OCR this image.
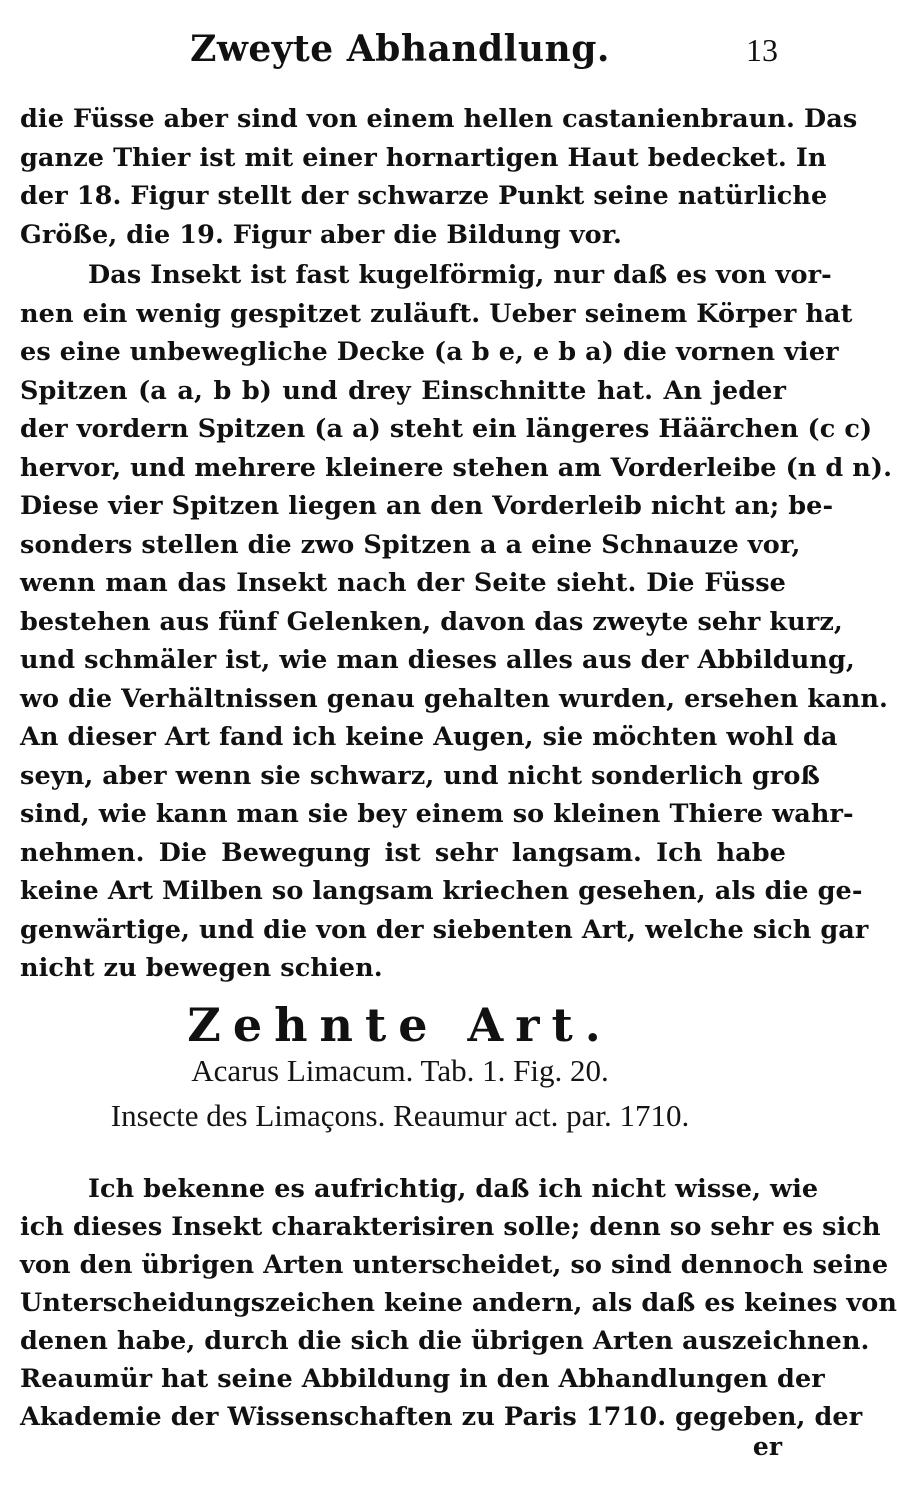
Zweyte Abhandlung.	13
die Füsse aber sind von einem hellen castanienbraun. Das
ganze Thier ist mit einer hornartigen Haut bedecket. In
der 18. Figur stellt der schwarze Punkt seine natürliche
Größe, die 19. Figur aber die Bildung vor.
Das Insekt ist fast kugelförmig, nur daß es von vor-
nen ein wenig gespitzet zuläuft. Ueber seinem Körper hat
es eine unbewegliche Decke (a b e, e b a) die vornen vier
Spitzen (a a, b b) und drey Einschnitte hat. An jeder
der vordern Spitzen (a a) steht ein längeres Häärchen (c c)
hervor, und mehrere kleinere stehen am Vorderleibe (n d n).
Diese vier Spitzen liegen an den Vorderleib nicht an; be-
sonders stellen die zwo Spitzen a a eine Schnauze vor,
wenn man das Insekt nach der Seite sieht. Die Füsse
bestehen aus fünf Gelenken, davon das zweyte sehr kurz,
und schmäler ist, wie man dieses alles aus der Abbildung,
wo die Verhältnissen genau gehalten wurden, ersehen kann.
An dieser Art fand ich keine Augen, sie möchten wohl da
seyn, aber wenn sie schwarz, und nicht sonderlich groß
sind, wie kann man sie bey einem so kleinen Thiere wahr-
nehmen. Die Bewegung ist sehr langsam. Ich habe
keine Art Milben so langsam kriechen gesehen, als die ge-
genwärtige, und die von der siebenten Art, welche sich gar
nicht zu bewegen schien.
Zehnte Art.
Acarus Limacum. Tab. 1. Fig. 20.
Insecte des Limaçons. Reaumur act. par. 1710.
Ich bekenne es aufrichtig, daß ich nicht wisse, wie
ich dieses Insekt charakterisiren solle; denn so sehr es sich
von den übrigen Arten unterscheidet, so sind dennoch seine
Unterscheidungszeichen keine andern, als daß es keines von
denen habe, durch die sich die übrigen Arten auszeichnen.
Reaumür hat seine Abbildung in den Abhandlungen der
Akademie der Wissenschaften zu Paris 1710. gegeben, der
er
